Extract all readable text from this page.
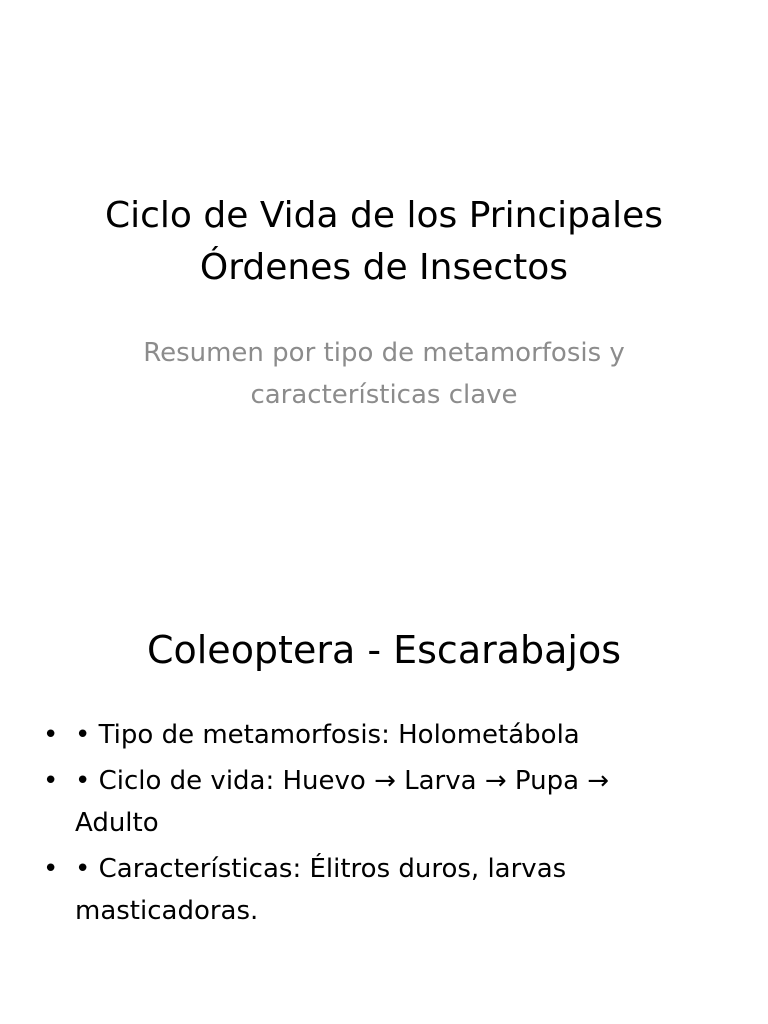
Ciclo de Vida de los Principales
Órdenes de Insectos

Resumen por tipo de metamorfosis y
características clave

Coleoptera - Escarabajos
• • Tipo de metamorfosis: Holometábola
• • Ciclo de vida: Huevo → Larva → Pupa → Adulto
• • Características: Élitros duros, larvas masticadoras.
